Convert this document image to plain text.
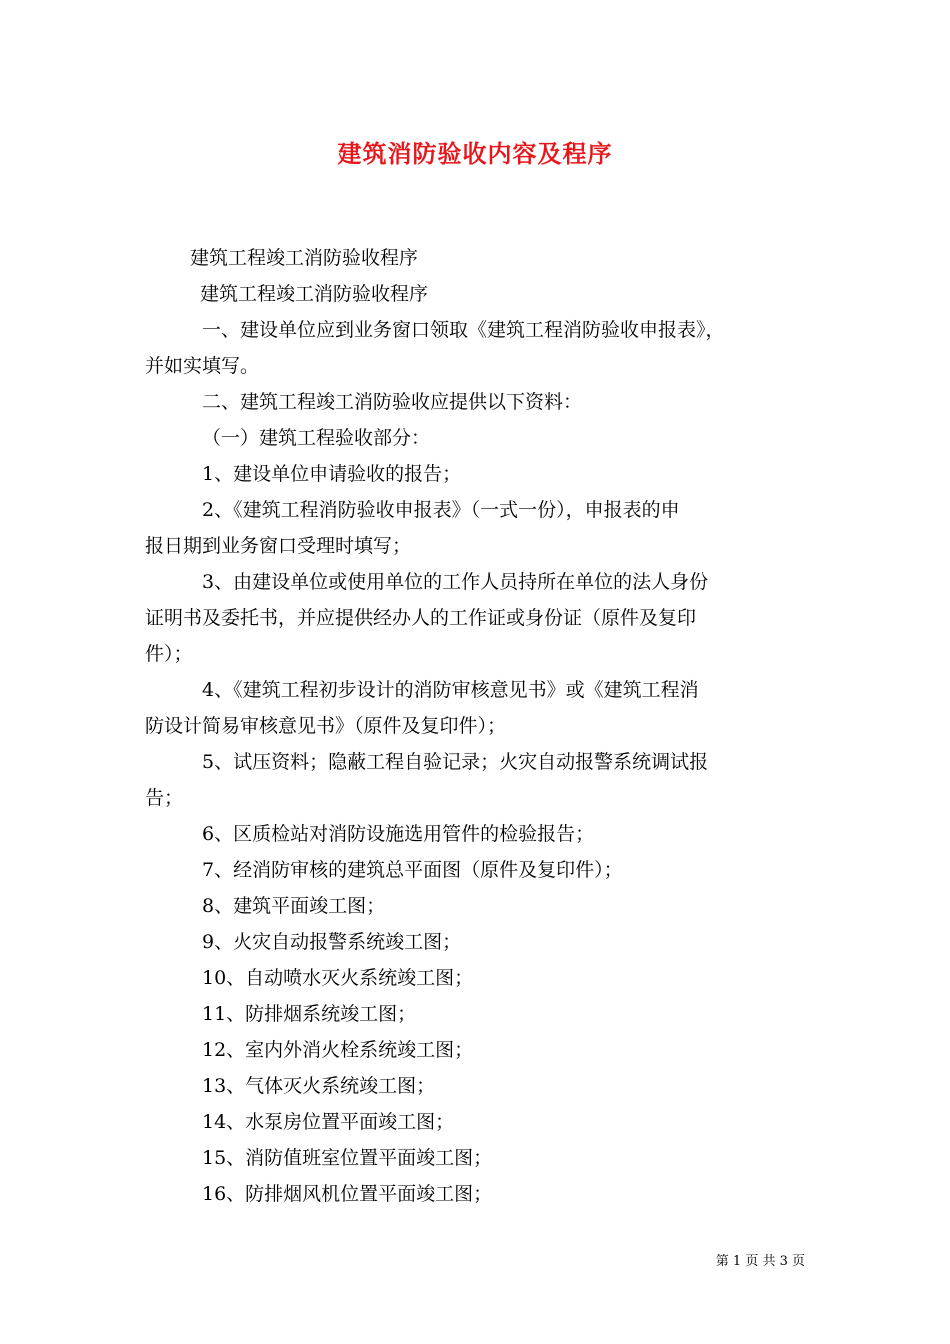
建筑消防验收内容及程序
建筑工程竣工消防验收程序
建筑工程竣工消防验收程序
一、建设单位应到业务窗口领取《建筑工程消防验收申报表》，
并如实填写。
二、建筑工程竣工消防验收应提供以下资料：
（一）建筑工程验收部分：
1、建设单位申请验收的报告；
2、《建筑工程消防验收申报表》（一式一份），申报表的申
报日期到业务窗口受理时填写；
3、由建设单位或使用单位的工作人员持所在单位的法人身份
证明书及委托书，并应提供经办人的工作证或身份证（原件及复印
件）；
4、《建筑工程初步设计的消防审核意见书》或《建筑工程消
防设计简易审核意见书》（原件及复印件）；
5、试压资料；隐蔽工程自验记录；火灾自动报警系统调试报
告；
6、区质检站对消防设施选用管件的检验报告；
7、经消防审核的建筑总平面图（原件及复印件）；
8、建筑平面竣工图；
9、火灾自动报警系统竣工图；
10、自动喷水灭火系统竣工图；
11、防排烟系统竣工图；
12、室内外消火栓系统竣工图；
13、气体灭火系统竣工图；
14、水泵房位置平面竣工图；
15、消防值班室位置平面竣工图；
16、防排烟风机位置平面竣工图；
第 1 页 共 3 页
